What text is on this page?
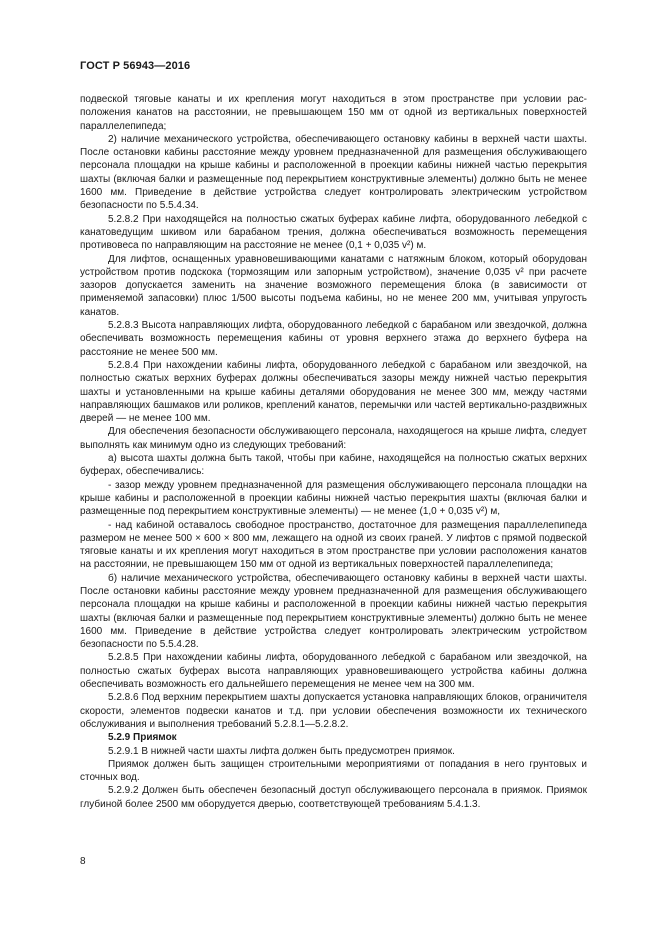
ГОСТ Р 56943—2016

подвеской тяговые канаты и их крепления могут находиться в этом пространстве при условии расположения канатов на расстоянии, не превышающем 150 мм от одной из вертикальных поверхностей параллелепипеда;

2) наличие механического устройства, обеспечивающего остановку кабины в верхней части шахты. После остановки кабины расстояние между уровнем предназначенной для размещения обслуживающего персонала площадки на крыше кабины и расположенной в проекции кабины нижней частью перекрытия шахты (включая балки и размещенные под перекрытием конструктивные элементы) должно быть не менее 1600 мм. Приведение в действие устройства следует контролировать электрическим устройством безопасности по 5.5.4.34.

5.2.8.2 При находящейся на полностью сжатых буферах кабине лифта, оборудованного лебедкой с канатоведущим шкивом или барабаном трения, должна обеспечиваться возможность перемещения противовеса по направляющим на расстояние не менее (0,1 + 0,035 v²) м.

Для лифтов, оснащенных уравновешивающими канатами с натяжным блоком, который оборудован устройством против подскока (тормозящим или запорным устройством), значение 0,035 v² при расчете зазоров допускается заменить на значение возможного перемещения блока (в зависимости от применяемой запасовки) плюс 1/500 высоты подъема кабины, но не менее 200 мм, учитывая упругость канатов.

5.2.8.3 Высота направляющих лифта, оборудованного лебедкой с барабаном или звездочкой, должна обеспечивать возможность перемещения кабины от уровня верхнего этажа до верхнего буфера на расстояние не менее 500 мм.

5.2.8.4 При нахождении кабины лифта, оборудованного лебедкой с барабаном или звездочкой, на полностью сжатых верхних буферах должны обеспечиваться зазоры между нижней частью перекрытия шахты и установленными на крыше кабины деталями оборудования не менее 300 мм, между частями направляющих башмаков или роликов, креплений канатов, перемычки или частей вертикально-раздвижных дверей — не менее 100 мм.

Для обеспечения безопасности обслуживающего персонала, находящегося на крыше лифта, следует выполнять как минимум одно из следующих требований:

а) высота шахты должна быть такой, чтобы при кабине, находящейся на полностью сжатых верхних буферах, обеспечивались:

- зазор между уровнем предназначенной для размещения обслуживающего персонала площадки на крыше кабины и расположенной в проекции кабины нижней частью перекрытия шахты (включая балки и размещенные под перекрытием конструктивные элементы) — не менее (1,0 + 0,035 v²) м,

- над кабиной оставалось свободное пространство, достаточное для размещения параллелепипеда размером не менее 500 × 600 × 800 мм, лежащего на одной из своих граней. У лифтов с прямой подвеской тяговые канаты и их крепления могут находиться в этом пространстве при условии расположения канатов на расстоянии, не превышающем 150 мм от одной из вертикальных поверхностей параллелепипеда;

б) наличие механического устройства, обеспечивающего остановку кабины в верхней части шахты. После остановки кабины расстояние между уровнем предназначенной для размещения обслуживающего персонала площадки на крыше кабины и расположенной в проекции кабины нижней частью перекрытия шахты (включая балки и размещенные под перекрытием конструктивные элементы) должно быть не менее 1600 мм. Приведение в действие устройства следует контролировать электрическим устройством безопасности по 5.5.4.28.

5.2.8.5 При нахождении кабины лифта, оборудованного лебедкой с барабаном или звездочкой, на полностью сжатых буферах высота направляющих уравновешивающего устройства кабины должна обеспечивать возможность его дальнейшего перемещения не менее чем на 300 мм.

5.2.8.6 Под верхним перекрытием шахты допускается установка направляющих блоков, ограничителя скорости, элементов подвески канатов и т.д. при условии обеспечения возможности их технического обслуживания и выполнения требований 5.2.8.1—5.2.8.2.

5.2.9 Приямок

5.2.9.1 В нижней части шахты лифта должен быть предусмотрен приямок.

Приямок должен быть защищен строительными мероприятиями от попадания в него грунтовых и сточных вод.

5.2.9.2 Должен быть обеспечен безопасный доступ обслуживающего персонала в приямок. Приямок глубиной более 2500 мм оборудуется дверью, соответствующей требованиям 5.4.1.3.

8
